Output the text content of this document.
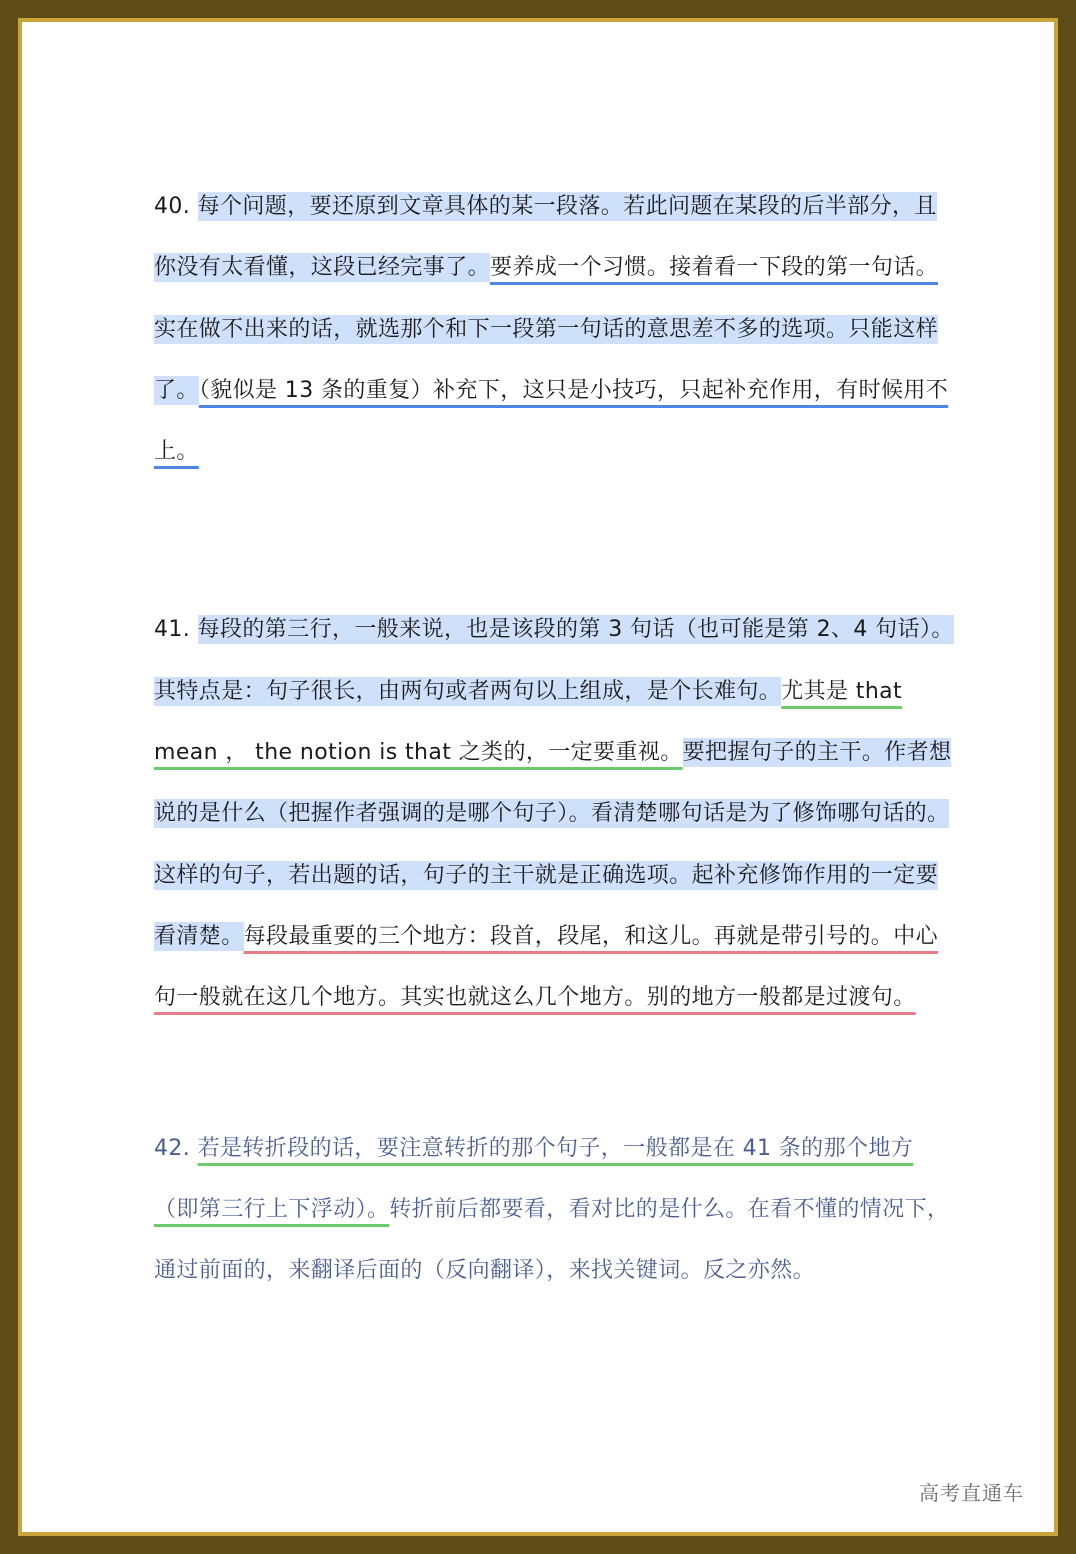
40. 每个问题，要还原到文章具体的某一段落。若此问题在某段的后半部分，且你没有太看懂，这段已经完事了。要养成一个习惯。接着看一下段的第一句话。实在做不出来的话，就选那个和下一段第一句话的意思差不多的选项。只能这样了。（貌似是 13 条的重复）补充下，这只是小技巧，只起补充作用，有时候用不上。

41. 每段的第三行，一般来说，也是该段的第 3 句话（也可能是第 2、4 句话）。其特点是：句子很长，由两句或者两句以上组成，是个长难句。尤其是 that mean ， the notion is that 之类的，一定要重视。要把握句子的主干。作者想说的是什么（把握作者强调的是哪个句子）。看清楚哪句话是为了修饰哪句话的。这样的句子，若出题的话，句子的主干就是正确选项。起补充修饰作用的一定要看清楚。每段最重要的三个地方：段首，段尾，和这儿。再就是带引号的。中心句一般就在这几个地方。其实也就这么几个地方。别的地方一般都是过渡句。

42. 若是转折段的话，要注意转折的那个句子，一般都是在 41 条的那个地方（即第三行上下浮动）。转折前后都要看，看对比的是什么。在看不懂的情况下，通过前面的，来翻译后面的（反向翻译），来找关键词。反之亦然。

高考直通车
